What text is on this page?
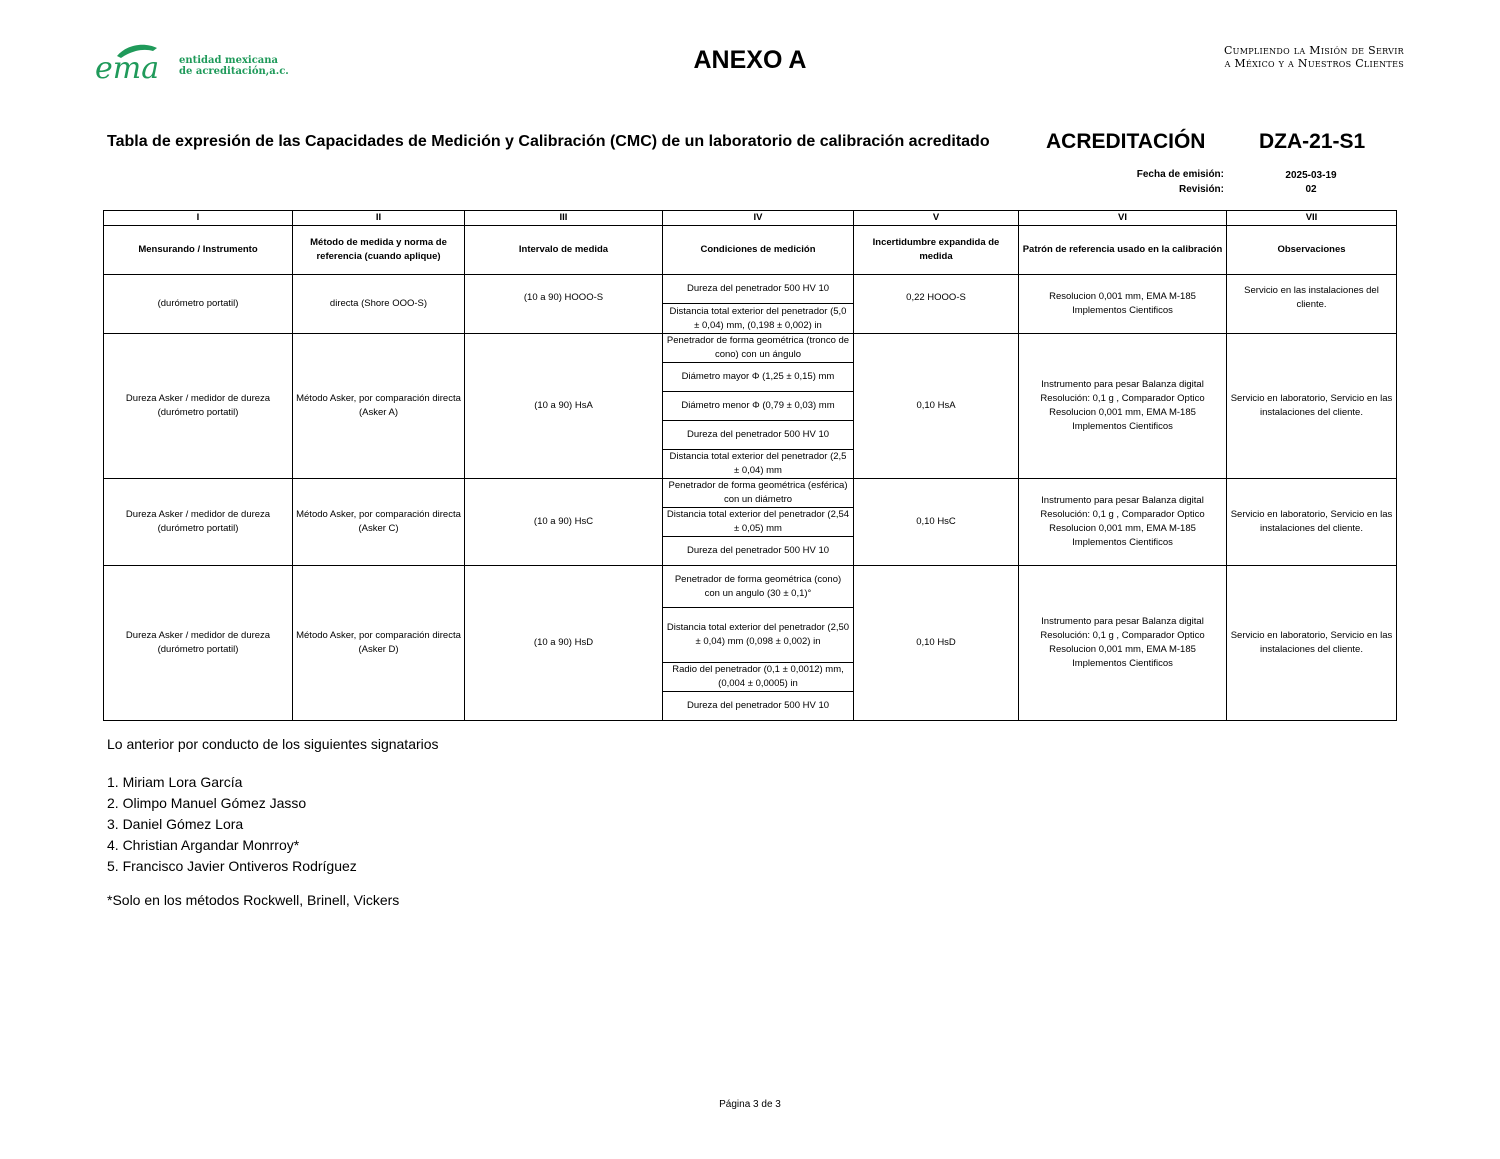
ema entidad mexicana
de acreditación,a.c.	ANEXO A	Cumpliendo la Misión de Servir
a México y a Nuestros Clientes
Tabla de expresión de las Capacidades de Medición y Calibración (CMC) de un laboratorio de calibración acreditado	ACREDITACIÓN	DZA-21-S1
Fecha de emisión:	2025-03-19
Revisión:	02
I	II	III	IV	V	VI	VII
Mensurando / Instrumento	Método de medida y norma de referencia (cuando aplique)	Intervalo de medida	Condiciones de medición	Incertidumbre expandida de medida	Patrón de referencia usado en la calibración	Observaciones

(durómetro portatil)	directa (Shore OOO-S)	(10 a 90) HOOO-S	Dureza del penetrador 500 HV 10	0,22 HOOO-S	Resolucion 0,001 mm, EMA M-185 Implementos Cientificos	Servicio en las instalaciones del cliente.

			Distancia total exterior del penetrador (5,0 ± 0,04) mm, (0,198 ± 0,002) in			
Dureza Asker / medidor de dureza (durómetro portatil)	Método Asker, por comparación directa (Asker A)	(10 a 90) HsA	Penetrador de forma geométrica (tronco de cono) con un ángulo	0,10 HsA	Instrumento para pesar Balanza digital Resolución: 0,1 g , Comparador Optico Resolucion 0,001 mm, EMA M-185 Implementos Cientificos	Servicio en laboratorio, Servicio en las instalaciones del cliente.
			Diámetro mayor Φ (1,25 ± 0,15) mm			
			Diámetro menor Φ (0,79 ± 0,03) mm			
			Dureza del penetrador 500 HV 10			
			Distancia total exterior del penetrador (2,5 ± 0,04) mm			
Dureza Asker / medidor de dureza (durómetro portatil)	Método Asker, por comparación directa (Asker C)	(10 a 90) HsC	Penetrador de forma geométrica (esférica) con un diámetro	0,10 HsC	Instrumento para pesar Balanza digital Resolución: 0,1 g , Comparador Optico Resolucion 0,001 mm, EMA M-185 Implementos Cientificos	Servicio en laboratorio, Servicio en las instalaciones del cliente.
			Distancia total exterior del penetrador (2,54 ± 0,05) mm			
			Dureza del penetrador 500 HV 10			
Dureza Asker / medidor de dureza (durómetro portatil)	Método Asker, por comparación directa (Asker D)	(10 a 90) HsD	Penetrador de forma geométrica (cono) con un angulo (30 ± 0,1)°	0,10 HsD	Instrumento para pesar Balanza digital Resolución: 0,1 g , Comparador Optico Resolucion 0,001 mm, EMA M-185 Implementos Cientificos	Servicio en laboratorio, Servicio en las instalaciones del cliente.
			Distancia total exterior del penetrador (2,50 ± 0,04) mm (0,098 ± 0,002) in			
			Radio del penetrador (0,1 ± 0,0012) mm, (0,004 ± 0,0005) in			
			Dureza del penetrador 500 HV 10			
Lo anterior por conducto de los siguientes signatarios
1. Miriam Lora García
2. Olimpo Manuel Gómez Jasso
3. Daniel Gómez Lora
4. Christian Argandar Monrroy*
5. Francisco Javier Ontiveros Rodríguez
*Solo en los métodos Rockwell, Brinell, Vickers
Página 3 de 3
